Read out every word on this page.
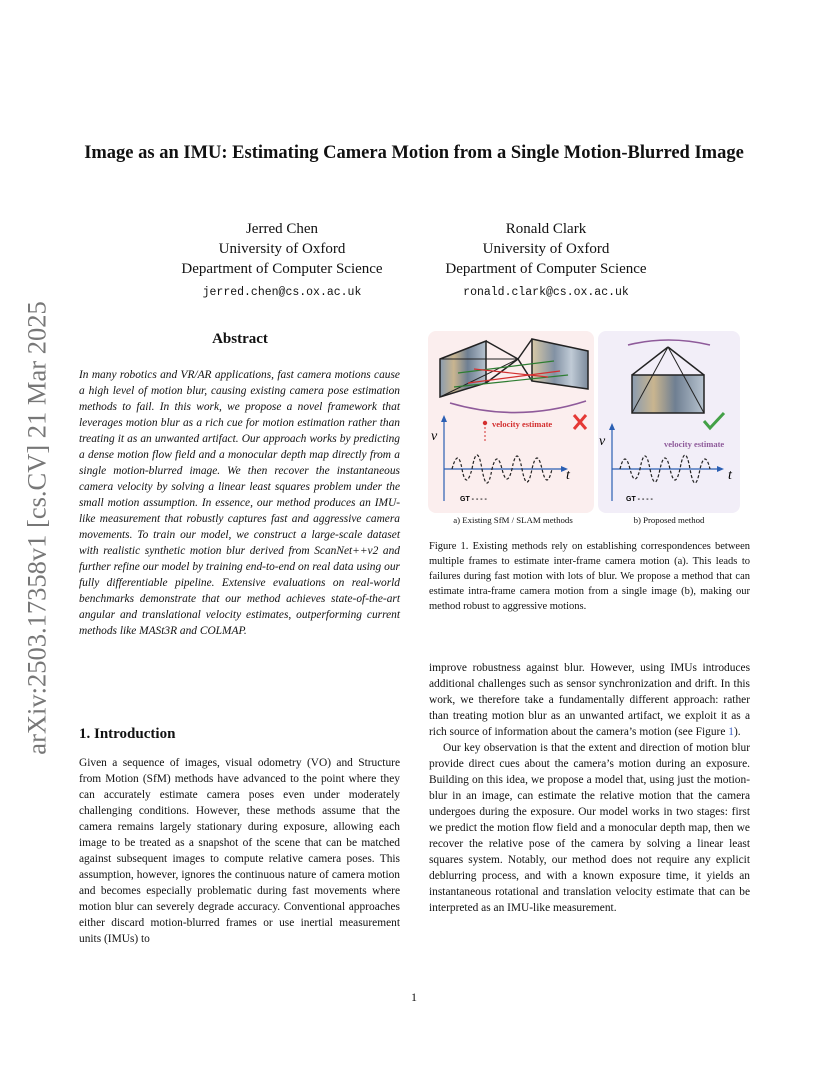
Image as an IMU: Estimating Camera Motion from a Single Motion-Blurred Image
Jerred Chen
University of Oxford
Department of Computer Science
jerred.chen@cs.ox.ac.uk
Ronald Clark
University of Oxford
Department of Computer Science
ronald.clark@cs.ox.ac.uk
arXiv:2503.17358v1 [cs.CV] 21 Mar 2025	Abstract
In many robotics and VR/AR applications, fast camera motions cause a high level of motion blur, causing existing camera pose estimation methods to fail. In this work, we propose a novel framework that leverages motion blur as a rich cue for motion estimation rather than treating it as an unwanted artifact. Our approach works by predicting a dense motion flow field and a monocular depth map directly from a single motion-blurred image. We then recover the instantaneous camera velocity by solving a linear least squares problem under the small motion assumption. In essence, our method produces an IMU-like measurement that robustly captures fast and aggressive camera movements. To train our model, we construct a large-scale dataset with realistic synthetic motion blur derived from ScanNet++v2 and further refine our model by training end-to-end on real data using our fully differentiable pipeline. Extensive evaluations on real-world benchmarks demonstrate that our method achieves state-of-the-art angular and translational velocity estimates, outperforming current methods like MASt3R and COLMAP.
1. Introduction
Given a sequence of images, visual odometry (VO) and Structure from Motion (SfM) methods have advanced to the point where they can accurately estimate camera poses even under moderately challenging conditions. However, these methods assume that the camera remains largely stationary during exposure, allowing each image to be treated as a snapshot of the scene that can be matched against subsequent images to compute relative camera poses. This assumption, however, ignores the continuous nature of camera motion and becomes especially problematic during fast movements where motion blur can severely degrade accuracy. Conventional approaches either discard motion-blurred frames or use inertial measurement units (IMUs) to
velocity estimate
v
t
GT - - - -
velocity estimate
v
t
GT - - - -
a) Existing SfM / SLAM methods	b) Proposed method
Figure 1. Existing methods rely on establishing correspondences between multiple frames to estimate inter-frame camera motion (a). This leads to failures during fast motion with lots of blur. We propose a method that can estimate intra-frame camera motion from a single image (b), making our method robust to aggressive motions.

improve robustness against blur. However, using IMUs introduces additional challenges such as sensor synchronization and drift. In this work, we therefore take a fundamentally different approach: rather than treating motion blur as an unwanted artifact, we exploit it as a rich source of information about the camera’s motion (see Figure 1).

Our key observation is that the extent and direction of motion blur provide direct cues about the camera’s motion during an exposure. Building on this idea, we propose a model that, using just the motion-blur in an image, can estimate the relative motion that the camera undergoes during the exposure. Our model works in two stages: first we predict the motion flow field and a monocular depth map, then we recover the relative pose of the camera by solving a linear least squares system. Notably, our method does not require any explicit deblurring process, and with a known exposure time, it yields an instantaneous rotational and translation velocity estimate that can be interpreted as an IMU-like measurement.

1
